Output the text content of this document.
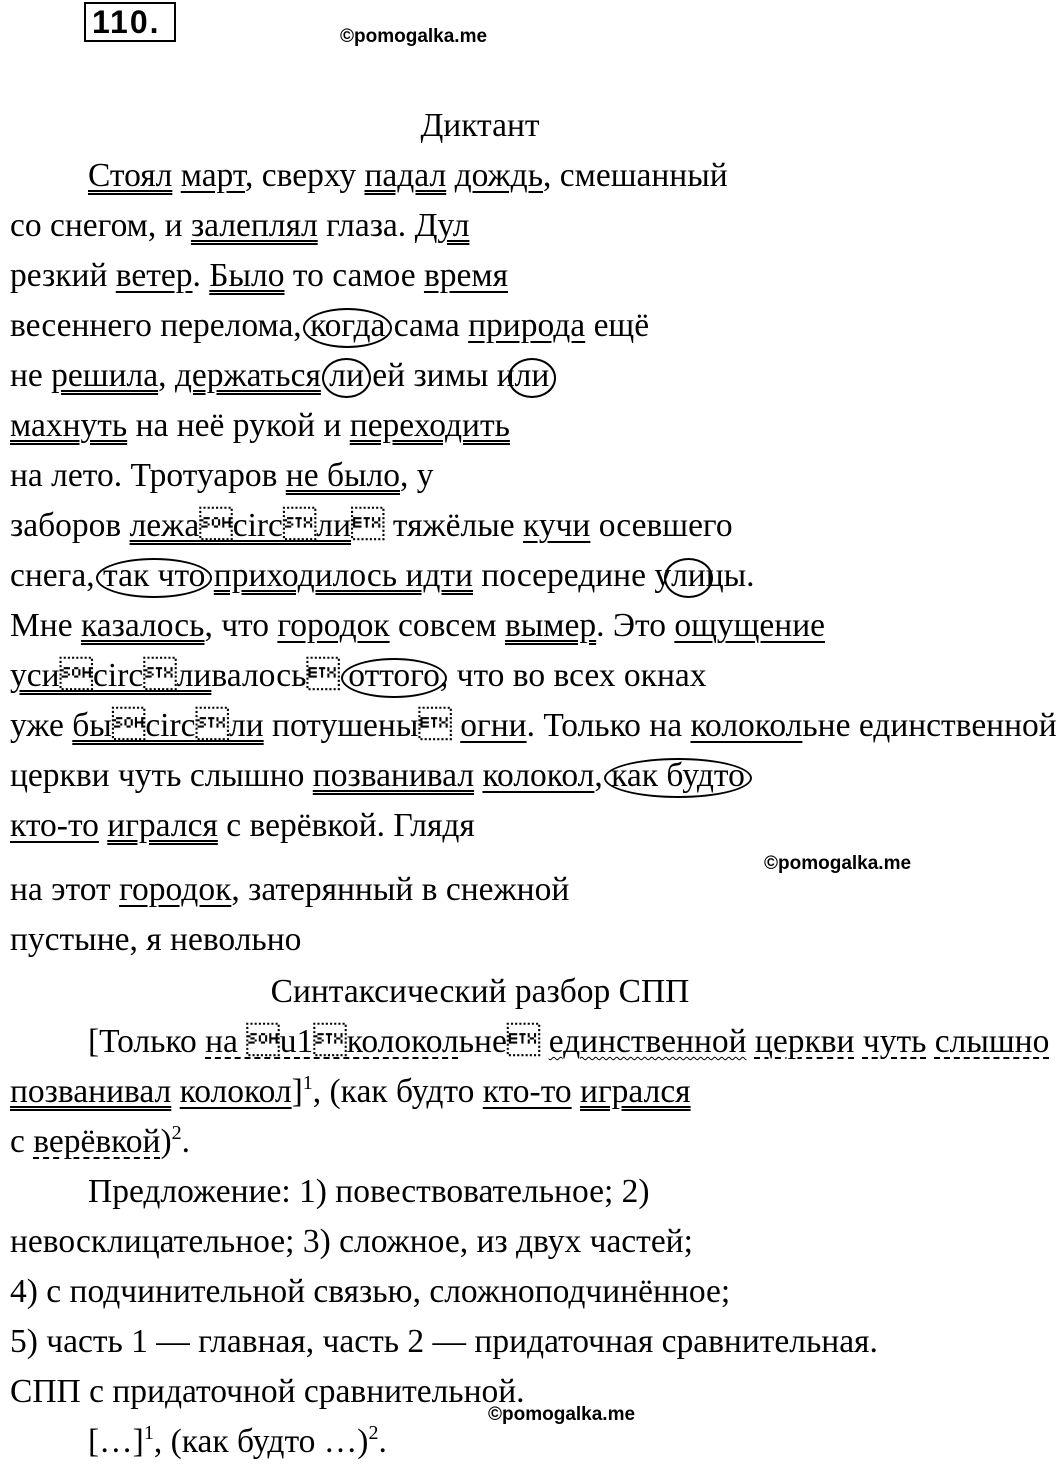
110.	©pomogalka.me
©pomogalka.me
©pomogalka.me
Диктант
Стоял март, сверху падал дождь, смешанный
со снегом, и залеплял глаза. Дул
резкий ветер. Было то самое время
весеннего перелома, когда сама природа ещё
не решила, держаться ли ей зимы или
махнуть на неё рукой и переходить
на лето. Тротуаров не было, у
заборов лежаcircли тяжёлые кучи осевшего
снега, так что приходилось идти посередине улицы.
Мне казалось, что городок совсем вымер. Это ощущение
усиcircливалось оттого, что во всех окнах
уже быcircли потушены огни. Только на колокольне единственной
церкви чуть слышно позванивал колокол, как будто
кто-то игрался с верёвкой. Глядя
на этот городок, затерянный в снежной
пустыне, я невольно
Синтаксический разбор СПП
[Только на u1колокольне единственной церкви чуть слышно
позванивал колокол]$^1$, (как будто кто-то игрался
с верёвкой)$^2$.
Предложение: 1) повествовательное; 2)
невосклицательное; 3) сложное, из двух частей;
4) с подчинительной связью, сложноподчинённое;
5) часть 1 — главная, часть 2 — придаточная сравнительная.
СПП с придаточной сравнительной.
[…]$^1$, (как будто …)$^2$.
